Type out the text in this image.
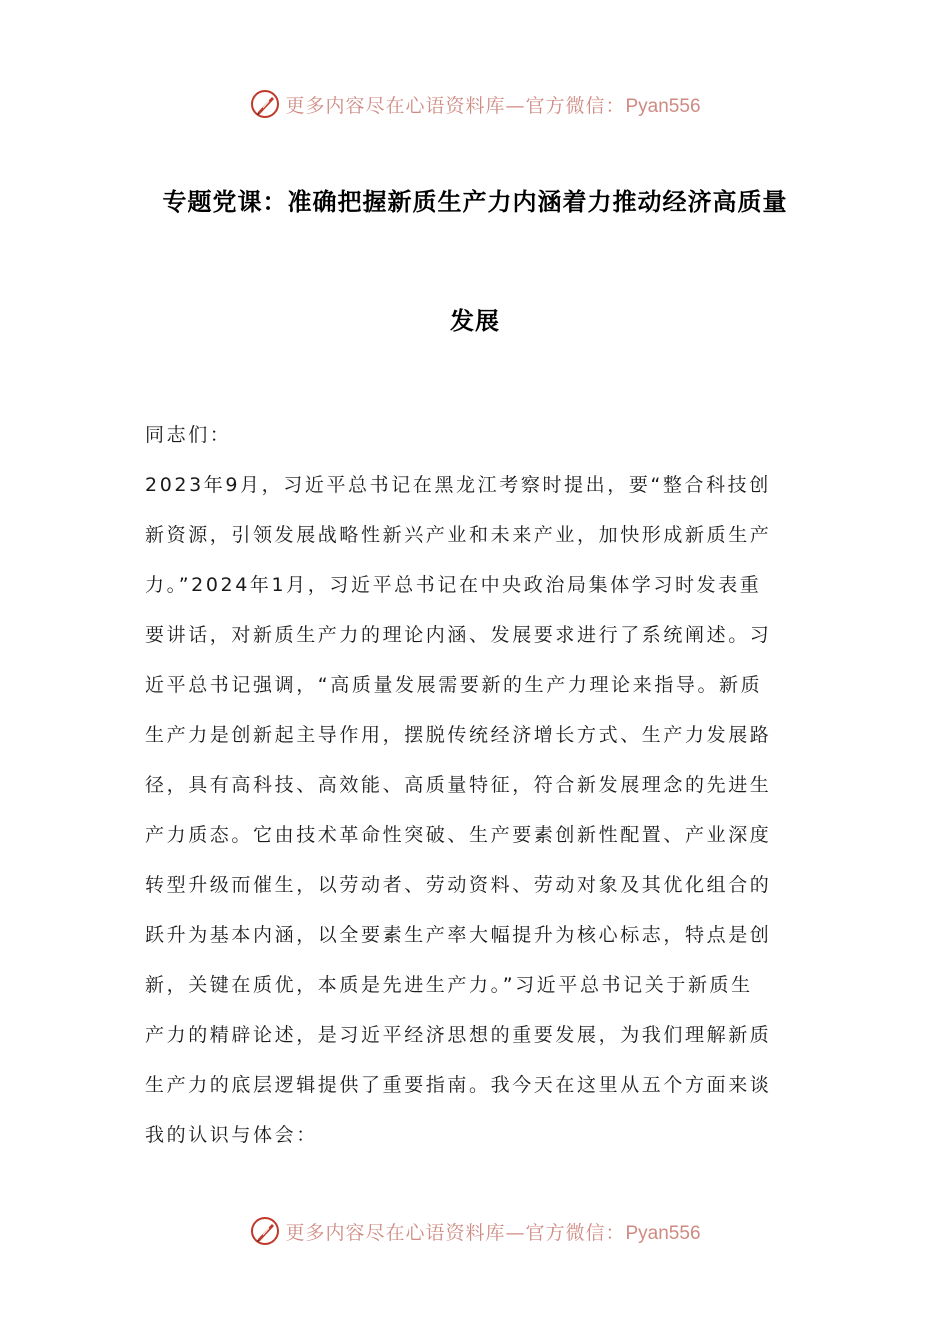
更多内容尽在心语资料库—官方微信：Pyan556
专题党课：准确把握新质生产力内涵着力推动经济高质量
发展
同志们：
2023年9月，习近平总书记在黑龙江考察时提出，要“整合科技创
新资源，引领发展战略性新兴产业和未来产业，加快形成新质生产
力。”2024年1月，习近平总书记在中央政治局集体学习时发表重
要讲话，对新质生产力的理论内涵、发展要求进行了系统阐述。习
近平总书记强调，“高质量发展需要新的生产力理论来指导。新质
生产力是创新起主导作用，摆脱传统经济增长方式、生产力发展路
径，具有高科技、高效能、高质量特征，符合新发展理念的先进生
产力质态。它由技术革命性突破、生产要素创新性配置、产业深度
转型升级而催生，以劳动者、劳动资料、劳动对象及其优化组合的
跃升为基本内涵，以全要素生产率大幅提升为核心标志，特点是创
新，关键在质优，本质是先进生产力。”习近平总书记关于新质生
产力的精辟论述，是习近平经济思想的重要发展，为我们理解新质
生产力的底层逻辑提供了重要指南。我今天在这里从五个方面来谈
我的认识与体会：
更多内容尽在心语资料库—官方微信：Pyan556
